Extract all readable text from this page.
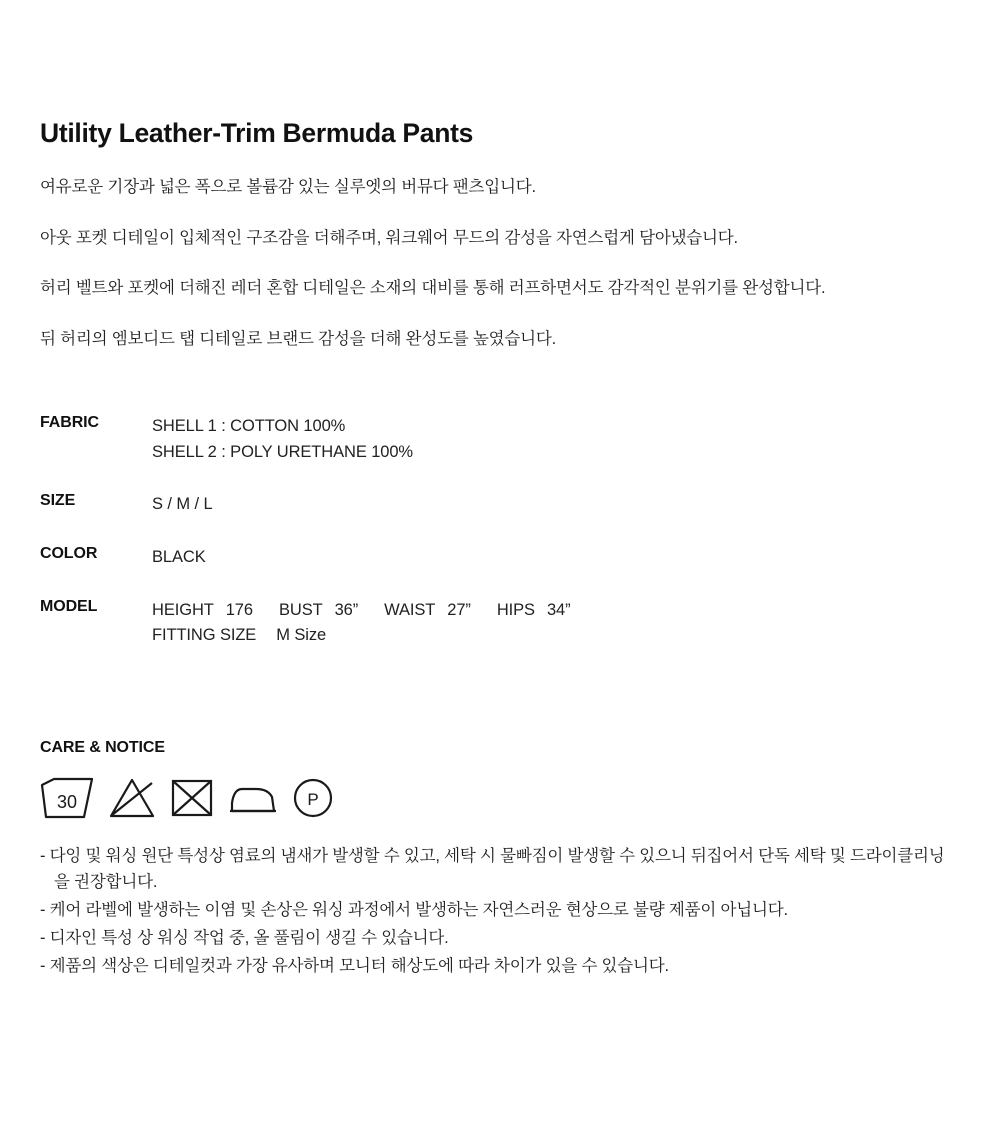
Utility Leather-Trim Bermuda Pants

여유로운 기장과 넓은 폭으로 볼륨감 있는 실루엣의 버뮤다 팬츠입니다.

아웃 포켓 디테일이 입체적인 구조감을 더해주며, 워크웨어 무드의 감성을 자연스럽게 담아냈습니다.

허리 벨트와 포켓에 더해진 레더 혼합 디테일은 소재의 대비를 통해 러프하면서도 감각적인 분위기를 완성합니다.

뒤 허리의 엠보디드 탭 디테일로 브랜드 감성을 더해 완성도를 높였습니다.

FABRIC	SHELL 1 : COTTON 100%
SHELL 2 : POLY URETHANE 100%

SIZE	S / M / L
COLOR	BLACK
MODEL	HEIGHT 176 BUST 36” WAIST 27” HIPS 34”
FITTING SIZE M Size
CARE & NOTICE
30	P
- 다잉 및 워싱 원단 특성상 염료의 냄새가 발생할 수 있고, 세탁 시 물빠짐이 발생할 수 있으니 뒤집어서 단독 세탁 및 드라이클리닝을 권장합니다.
- 케어 라벨에 발생하는 이염 및 손상은 워싱 과정에서 발생하는 자연스러운 현상으로 불량 제품이 아닙니다.
- 디자인 특성 상 워싱 작업 중, 올 풀림이 생길 수 있습니다.
- 제품의 색상은 디테일컷과 가장 유사하며 모니터 해상도에 따라 차이가 있을 수 있습니다.
